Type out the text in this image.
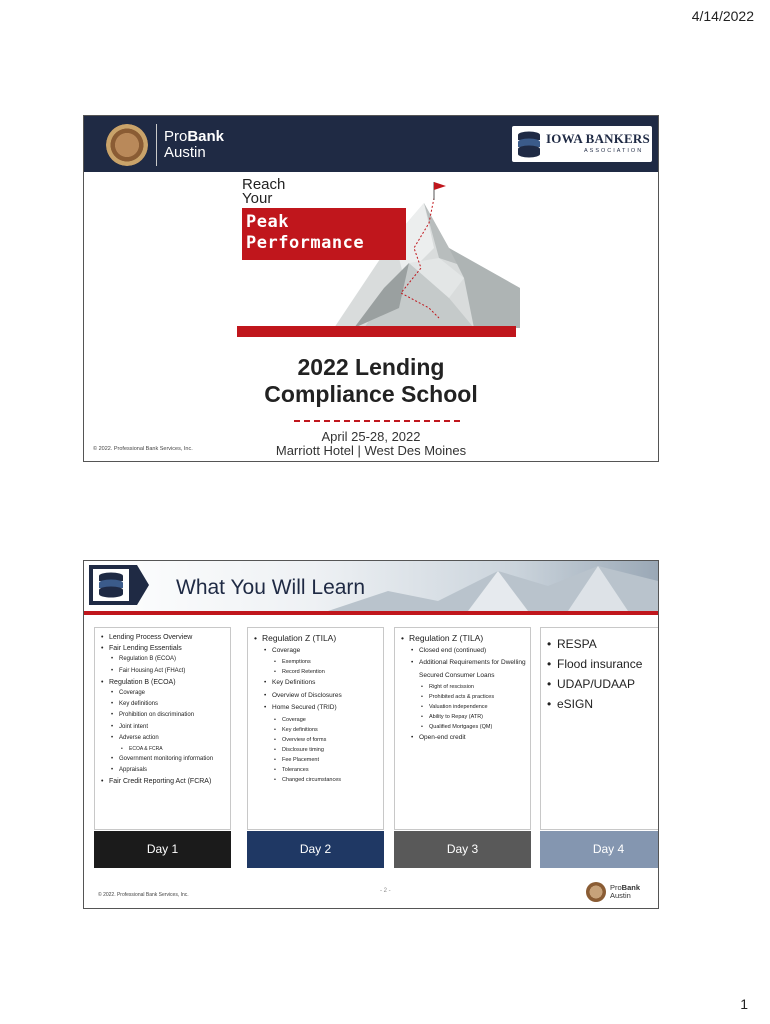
4/14/2022
ProBank
Austin
IOWA BANKERS
ASSOCIATION
Reach
Your
Peak
Performance
2022 Lending
Compliance School
April 25-28, 2022
Marriott Hotel | West Des Moines
© 2022. Professional Bank Services, Inc.
What You Will Learn
• Lending Process Overview
• Fair Lending Essentials
• Regulation B (ECOA)
• Fair Housing Act (FHAct)
• Regulation B (ECOA)
• Coverage
• Key definitions
• Prohibition on discrimination
• Joint intent
• Adverse action
• ECOA & FCRA
• Government monitoring information
• Appraisals
• Fair Credit Reporting Act (FCRA)
• Regulation Z (TILA)
• Coverage
• Exemptions
• Record Retention
• Key Definitions
• Overview of Disclosures
• Home Secured (TRID)
• Coverage
• Key definitions
• Overview of forms
• Disclosure timing
• Fee Placement
• Tolerances
• Changed circumstances
• Regulation Z (TILA)
• Closed end (continued)
• Additional Requirements for Dwelling Secured Consumer Loans
• Right of rescission
• Prohibited acts & practices
• Valuation independence
• Ability to Repay (ATR)
• Qualified Mortgages (QM)
• Open-end credit
• RESPA
• Flood insurance
• UDAP/UDAAP
• eSIGN
Day 1	Day 2	Day 3	Day 4
© 2022. Professional Bank Services, Inc.
- 2 -	ProBank
Austin
1
